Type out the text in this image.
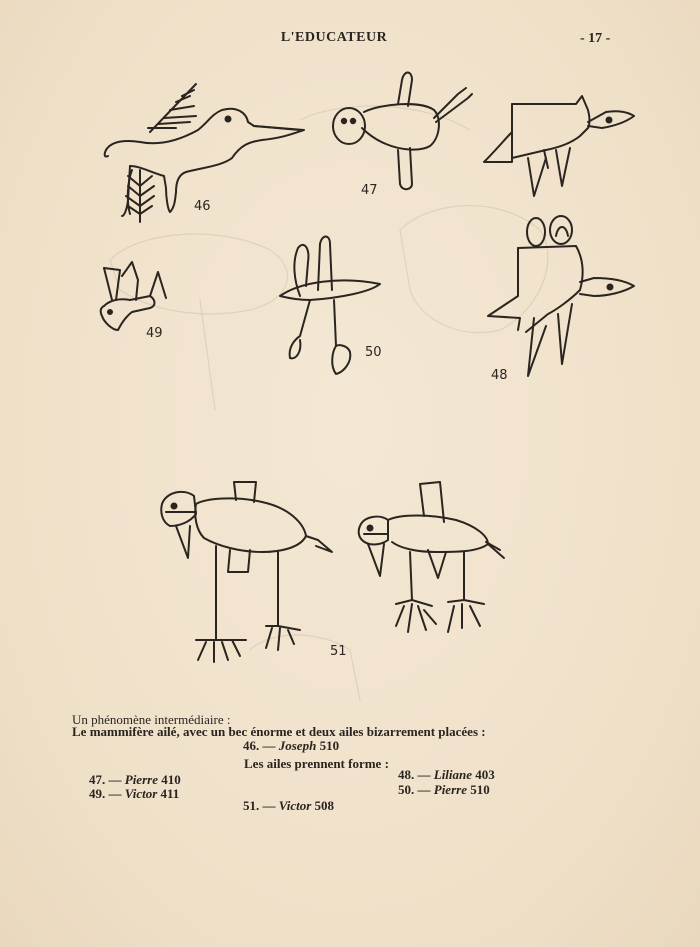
L'EDUCATEUR	- 17 -
46
47
48
49
50
51
Un phénomène intermédiaire :
Le mammifère ailé, avec un bec énorme et deux ailes bizarrement placées :
46. — Joseph 510
Les ailes prennent forme :
47. — Pierre 410	48. — Liliane 403
49. — Victor 411	50. — Pierre 510
51. — Victor 508
